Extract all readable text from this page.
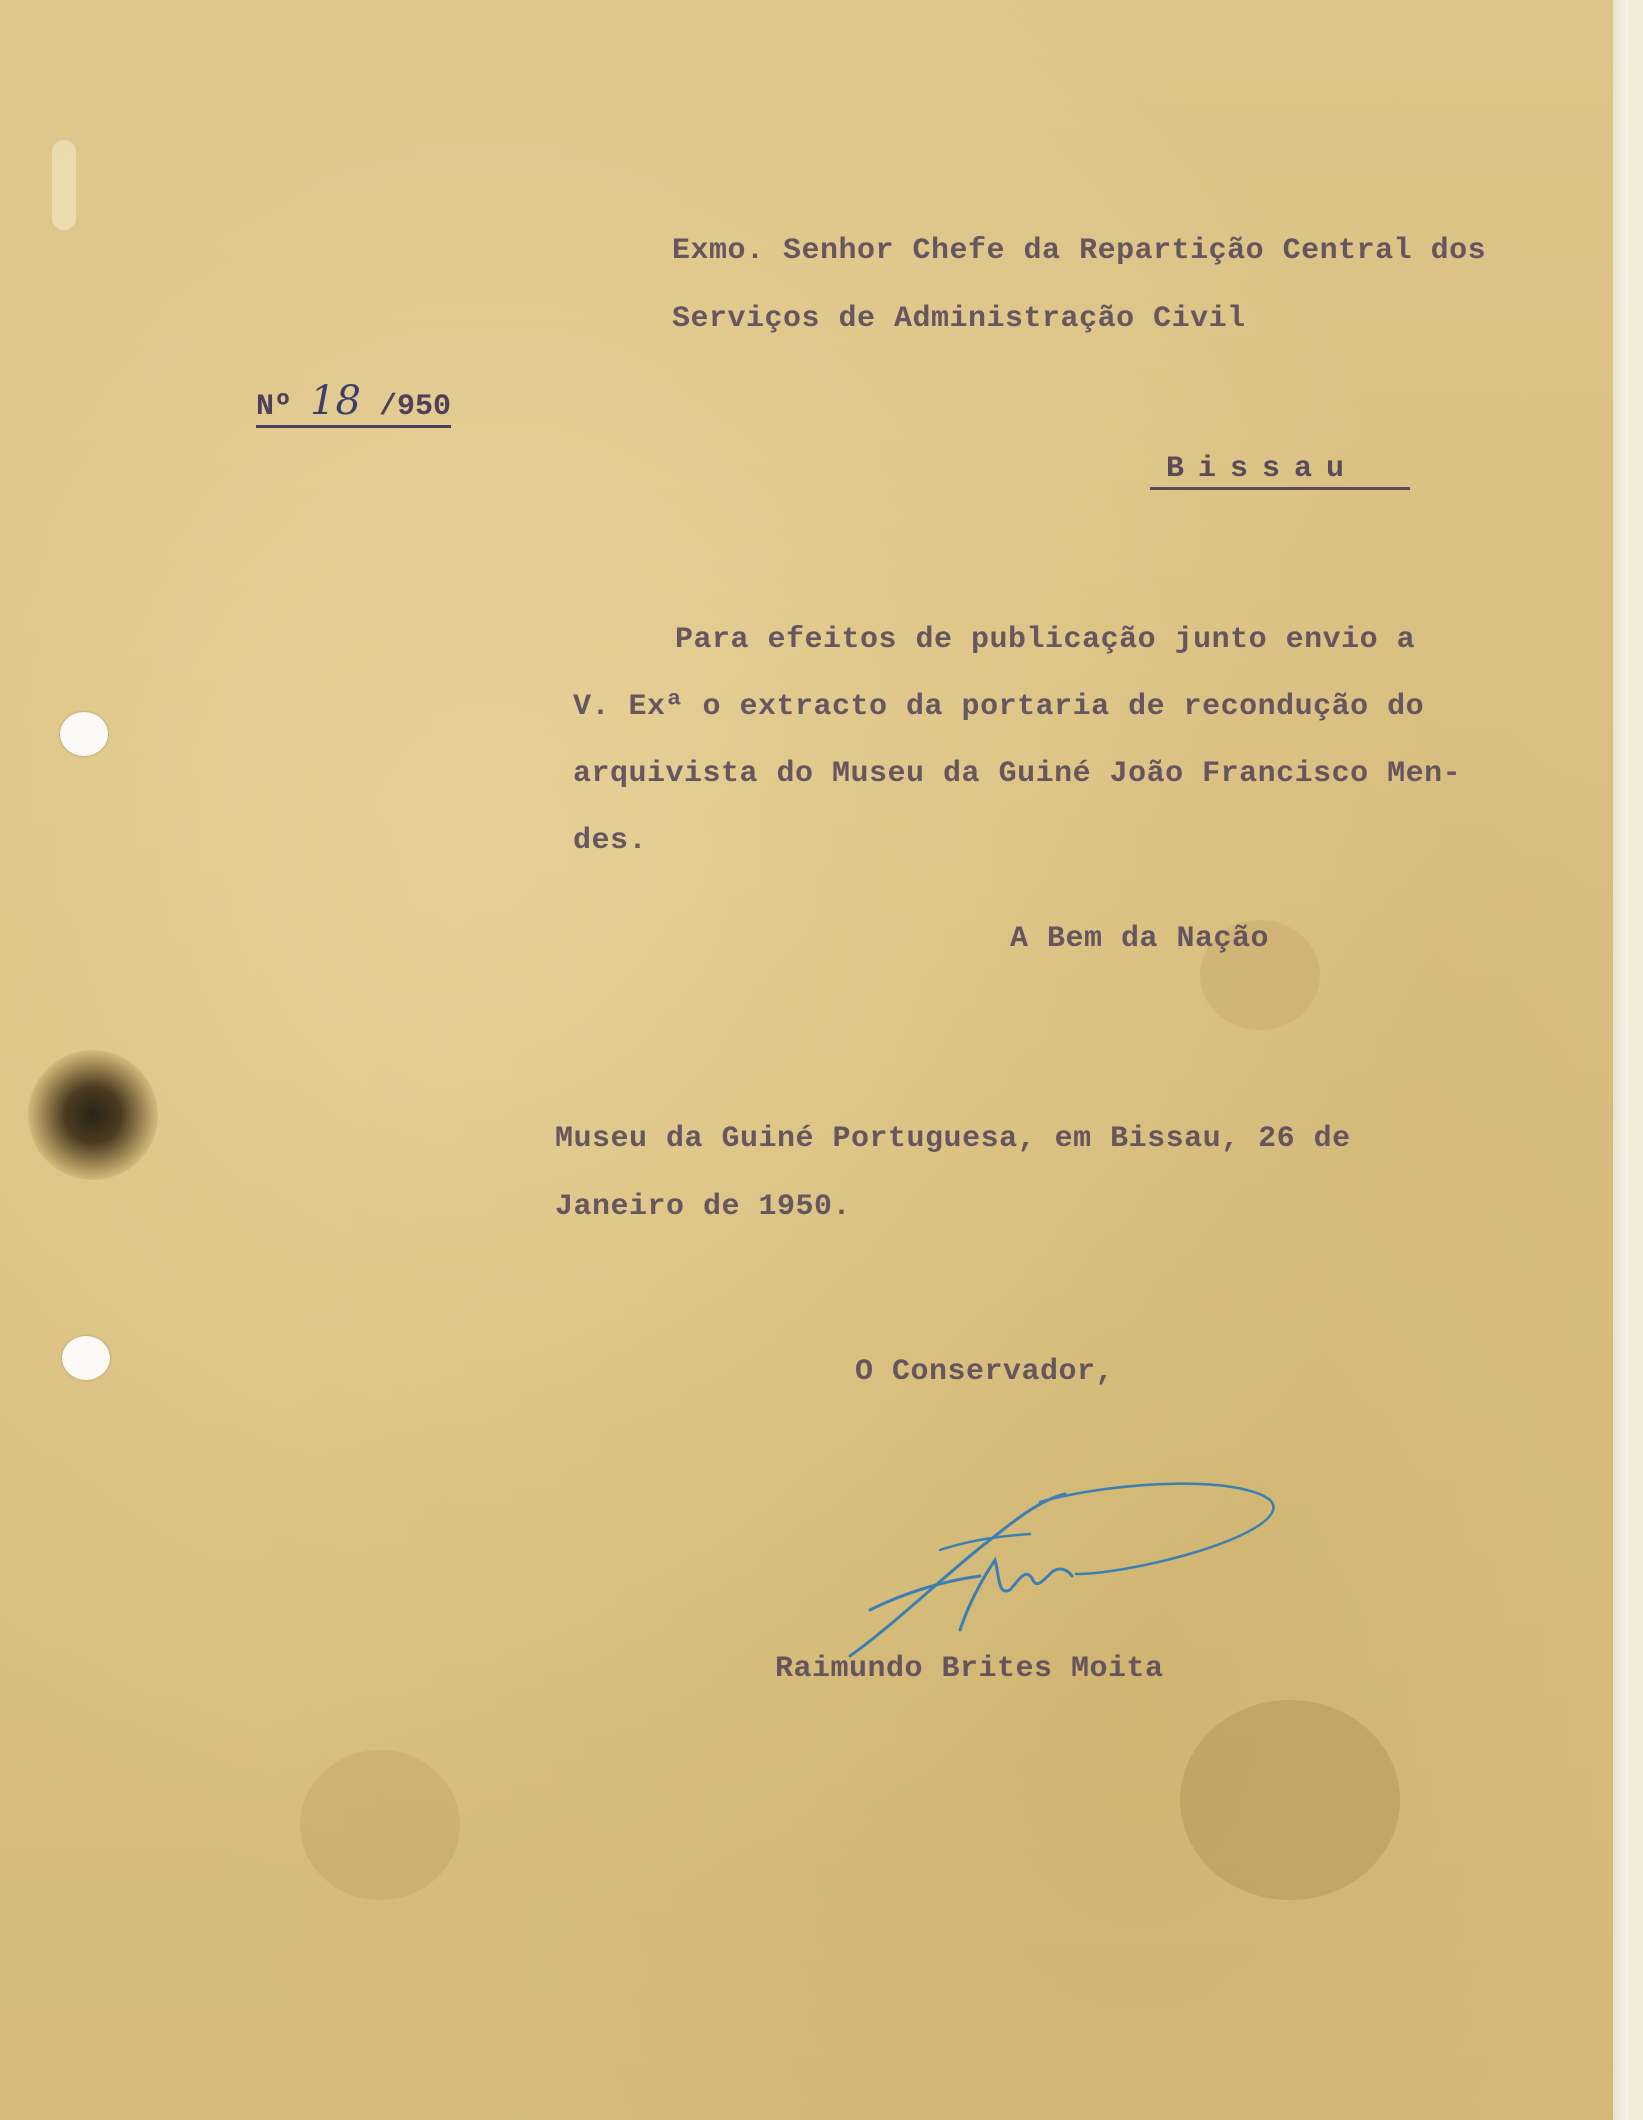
Exmo. Senhor Chefe da Repartição Central dos

Serviços de Administração Civil

Nº 18 /950
Bissau

Para efeitos de publicação junto envio a

V. Exª o extracto da portaria de recondução do

arquivista do Museu da Guiné João Francisco Men-

des.

A Bem da Nação

Museu da Guiné Portuguesa, em Bissau, 26 de

Janeiro de 1950.

O Conservador,

Raimundo Brites Moita
